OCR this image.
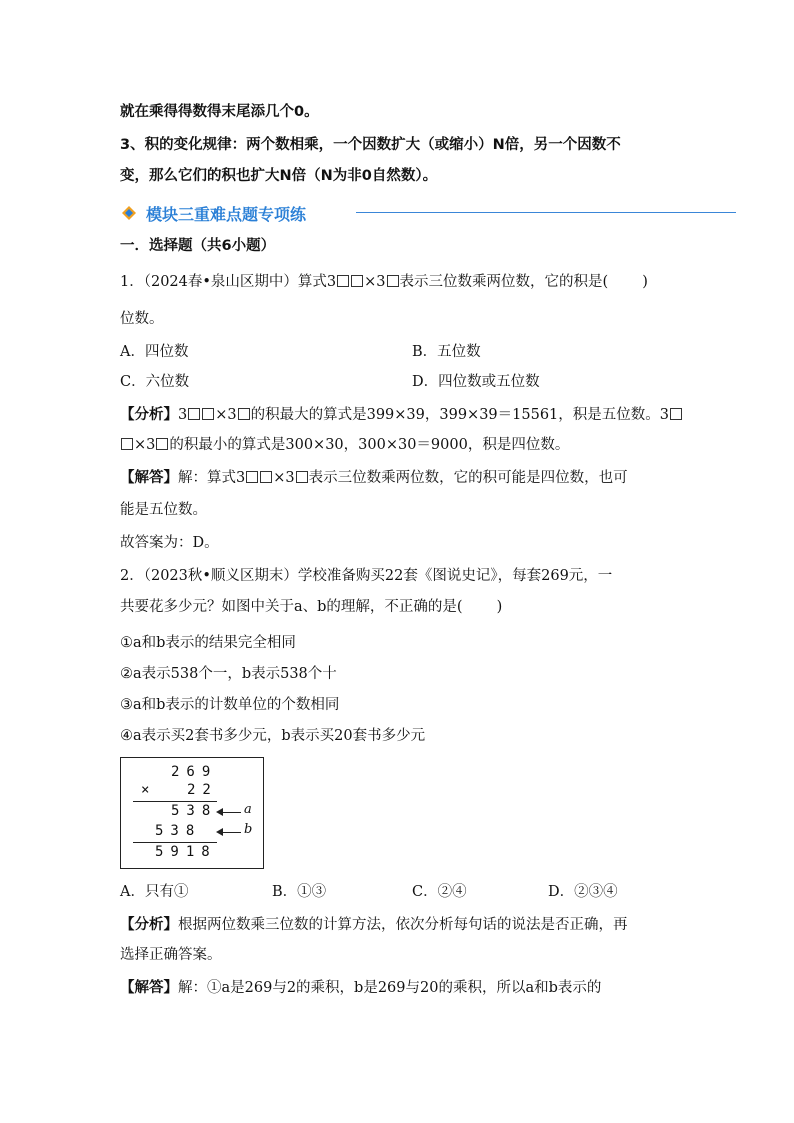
就在乘得得数得末尾添几个0。
3、积的变化规律：两个数相乘，一个因数扩大（或缩小）N倍，另一个因数不
变，那么它们的积也扩大N倍（N为非0自然数）。
模块三重难点题专项练
一．选择题（共6小题）
1．（2024春•泉山区期中）算式3 ×3 表示三位数乘两位数，它的积是( )
位数。
A．四位数	B．五位数
C．六位数	D．四位数或五位数
【分析】3 ×3 的积最大的算式是399×39，399×39＝15561，积是五位数。3
×3 的积最小的算式是300×30，300×30＝9000，积是四位数。
【解答】解：算式3 ×3 表示三位数乘两位数，它的积可能是四位数，也可
能是五位数。
故答案为：D。
2．（2023秋•顺义区期末）学校准备购买22套《图说史记》，每套269元，一
共要花多少元？如图中关于a、b的理解，不正确的是( )
①a和b表示的结果完全相同
②a表示538个一，b表示538个十
③a和b表示的计数单位的个数相同
④a表示买2套书多少元，b表示买20套书多少元
269
× 22
538 a
538	b
5918
A．只有①	B．①③	C．②④	D．②③④
【分析】根据两位数乘三位数的计算方法，依次分析每句话的说法是否正确，再
选择正确答案。
【解答】解：①a是269与2的乘积，b是269与20的乘积，所以a和b表示的
